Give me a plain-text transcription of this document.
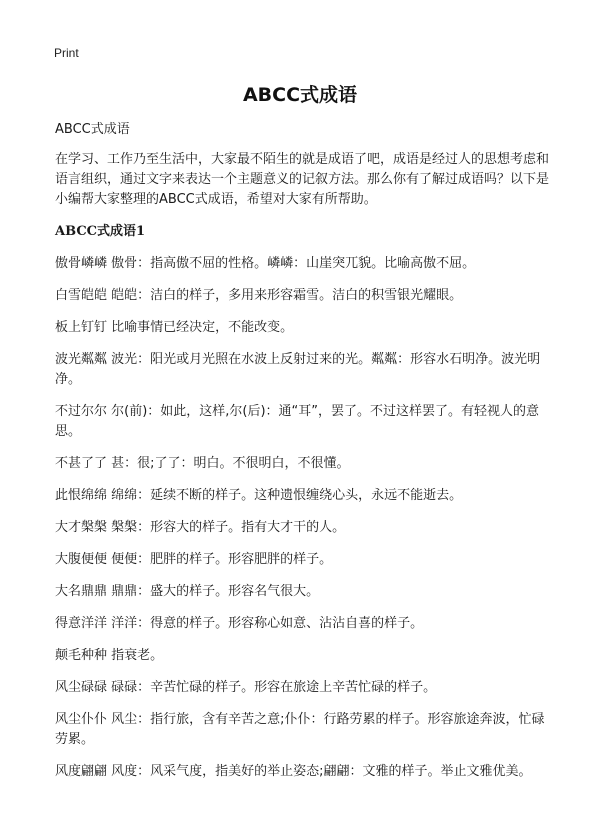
Print
ABCC式成语
ABCC式成语
在学习、工作乃至生活中，大家最不陌生的就是成语了吧，成语是经过人的思想考虑和语言组织，通过文字来表达一个主题意义的记叙方法。那么你有了解过成语吗？以下是小编帮大家整理的ABCC式成语，希望对大家有所帮助。
ABCC式成语1
傲骨嶙嶙 傲骨：指高傲不屈的性格。嶙嶙：山崖突兀貌。比喻高傲不屈。
白雪皑皑 皑皑：洁白的样子，多用来形容霜雪。洁白的积雪银光耀眼。
板上钉钉 比喻事情已经决定，不能改变。
波光粼粼 波光：阳光或月光照在水波上反射过来的光。粼粼：形容水石明净。波光明净。
不过尔尔 尔(前)：如此，这样,尔(后)：通“耳”，罢了。不过这样罢了。有轻视人的意思。
不甚了了 甚：很;了了：明白。不很明白，不很懂。
此恨绵绵 绵绵：延续不断的样子。这种遗恨缠绕心头，永远不能逝去。
大才槃槃 槃槃：形容大的样子。指有大才干的人。
大腹便便 便便：肥胖的样子。形容肥胖的样子。
大名鼎鼎 鼎鼎：盛大的样子。形容名气很大。
得意洋洋 洋洋：得意的样子。形容称心如意、沾沾自喜的样子。
颠毛种种 指衰老。
风尘碌碌 碌碌：辛苦忙碌的样子。形容在旅途上辛苦忙碌的样子。
风尘仆仆 风尘：指行旅，含有辛苦之意;仆仆：行路劳累的样子。形容旅途奔波，忙碌劳累。
风度翩翩 风度：风采气度，指美好的举止姿态;翩翩：文雅的样子。举止文雅优美。
